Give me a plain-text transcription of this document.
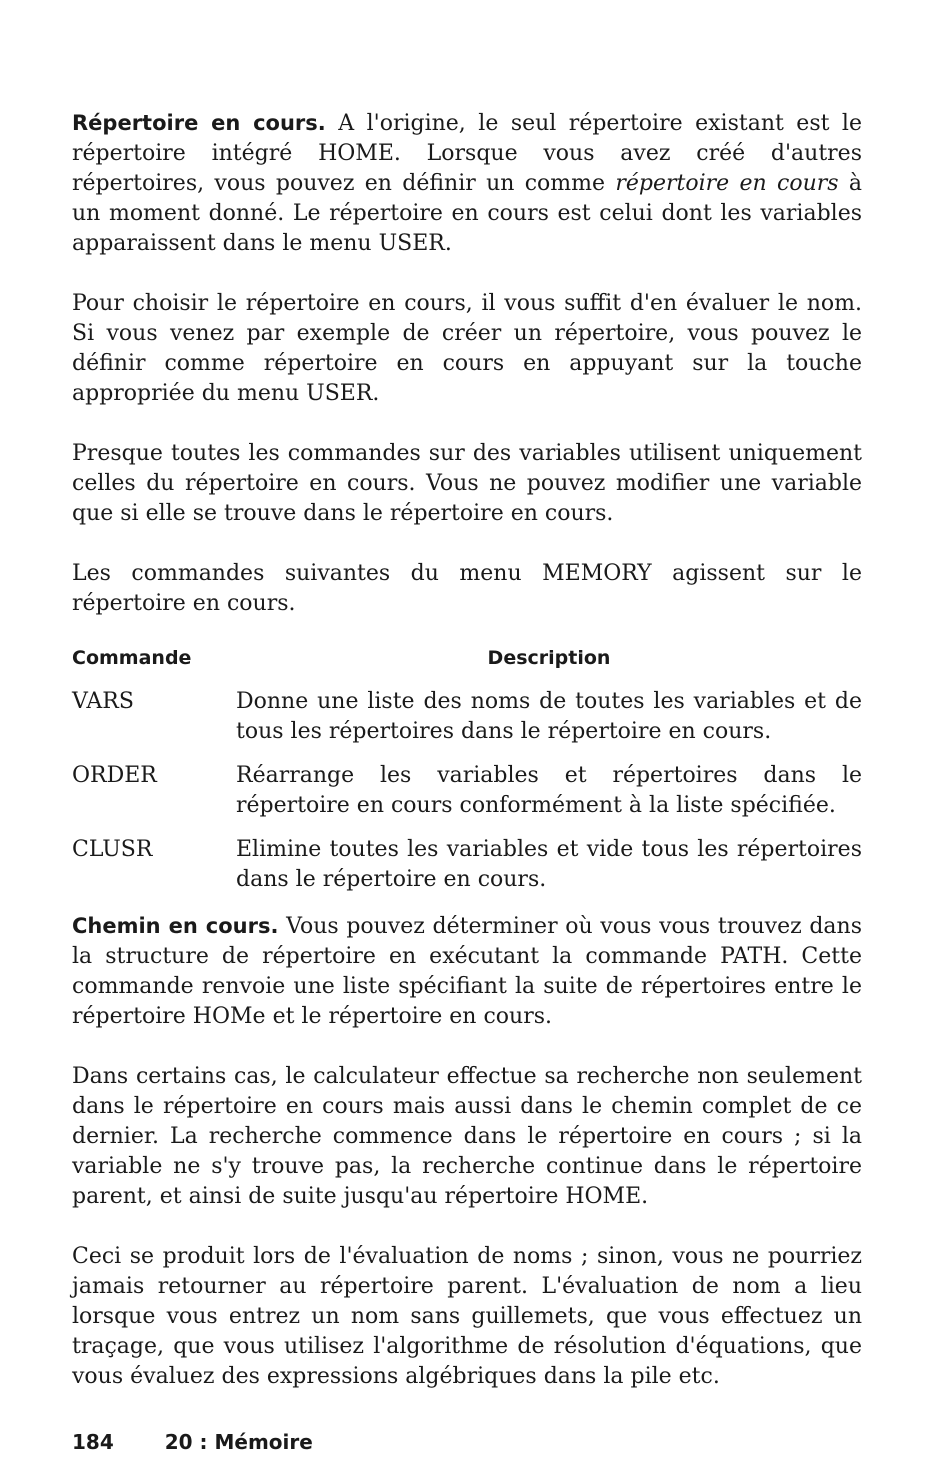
Répertoire en cours. A l'origine, le seul répertoire existant est le répertoire intégré HOME. Lorsque vous avez créé d'autres répertoires, vous pouvez en définir un comme répertoire en cours à un moment donné. Le répertoire en cours est celui dont les variables apparaissent dans le menu USER.

Pour choisir le répertoire en cours, il vous suffit d'en évaluer le nom. Si vous venez par exemple de créer un répertoire, vous pouvez le définir comme répertoire en cours en appuyant sur la touche appropriée du menu USER.

Presque toutes les commandes sur des variables utilisent uniquement celles du répertoire en cours. Vous ne pouvez modifier une variable que si elle se trouve dans le répertoire en cours.

Les commandes suivantes du menu MEMORY agissent sur le répertoire en cours.

Commande	Description
VARS	Donne une liste des noms de toutes les variables et de tous les répertoires dans le répertoire en cours.
ORDER	Réarrange les variables et répertoires dans le répertoire en cours conformément à la liste spécifiée.
CLUSR	Elimine toutes les variables et vide tous les répertoires dans le répertoire en cours.

Chemin en cours. Vous pouvez déterminer où vous vous trouvez dans la structure de répertoire en exécutant la commande PATH. Cette commande renvoie une liste spécifiant la suite de répertoires entre le répertoire HOMe et le répertoire en cours.

Dans certains cas, le calculateur effectue sa recherche non seulement dans le répertoire en cours mais aussi dans le chemin complet de ce dernier. La recherche commence dans le répertoire en cours ; si la variable ne s'y trouve pas, la recherche continue dans le répertoire parent, et ainsi de suite jusqu'au répertoire HOME.

Ceci se produit lors de l'évaluation de noms ; sinon, vous ne pourriez jamais retourner au répertoire parent. L'évaluation de nom a lieu lorsque vous entrez un nom sans guillemets, que vous effectuez un traçage, que vous utilisez l'algorithme de résolution d'équations, que vous évaluez des expressions algébriques dans la pile etc.

184	20 : Mémoire
